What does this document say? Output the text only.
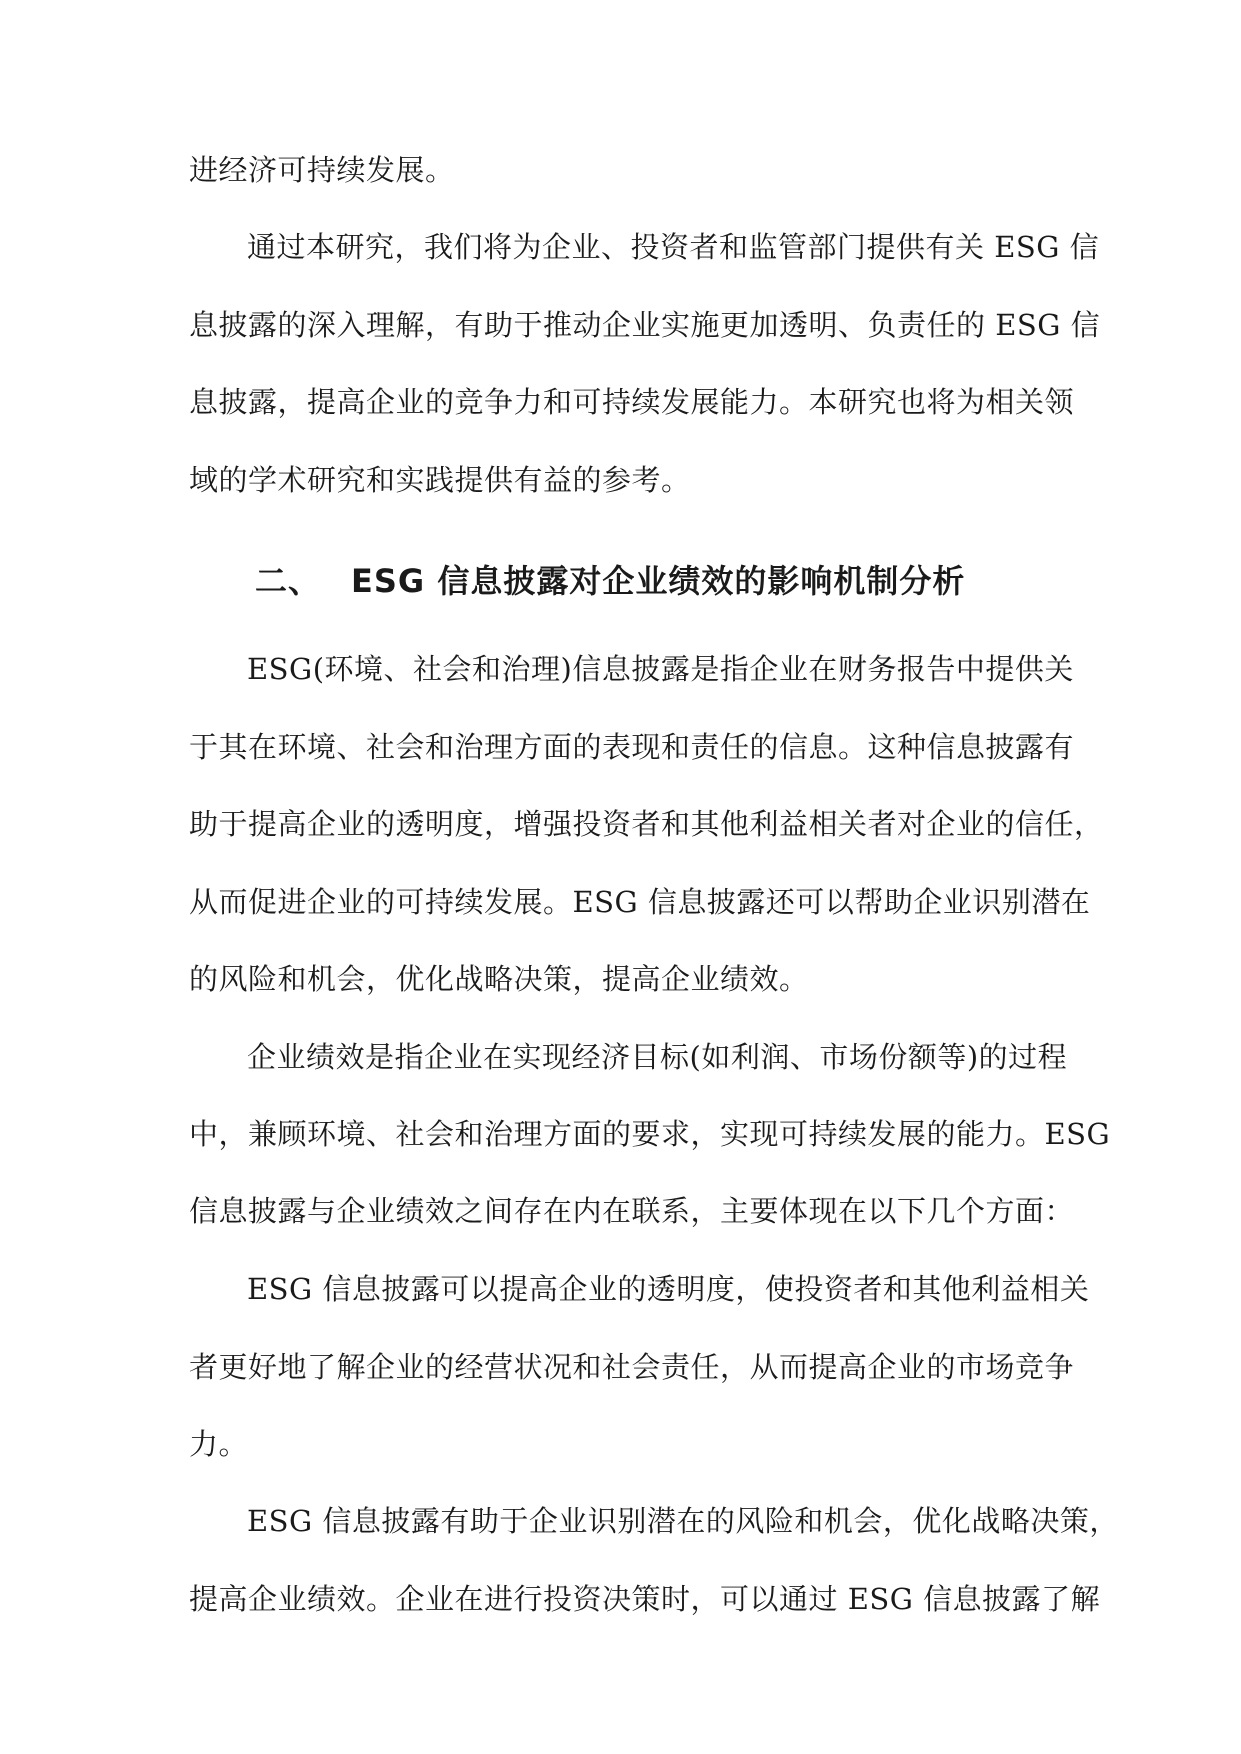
进经济可持续发展。
通过本研究，我们将为企业、投资者和监管部门提供有关 ESG 信
息披露的深入理解，有助于推动企业实施更加透明、负责任的 ESG 信
息披露，提高企业的竞争力和可持续发展能力。本研究也将为相关领
域的学术研究和实践提供有益的参考。
二、 ESG 信息披露对企业绩效的影响机制分析
ESG(环境、社会和治理)信息披露是指企业在财务报告中提供关
于其在环境、社会和治理方面的表现和责任的信息。这种信息披露有
助于提高企业的透明度，增强投资者和其他利益相关者对企业的信任，
从而促进企业的可持续发展。ESG 信息披露还可以帮助企业识别潜在
的风险和机会，优化战略决策，提高企业绩效。
企业绩效是指企业在实现经济目标(如利润、市场份额等)的过程
中，兼顾环境、社会和治理方面的要求，实现可持续发展的能力。ESG
信息披露与企业绩效之间存在内在联系，主要体现在以下几个方面：
ESG 信息披露可以提高企业的透明度，使投资者和其他利益相关
者更好地了解企业的经营状况和社会责任，从而提高企业的市场竞争
力。
ESG 信息披露有助于企业识别潜在的风险和机会，优化战略决策，
提高企业绩效。企业在进行投资决策时，可以通过 ESG 信息披露了解
